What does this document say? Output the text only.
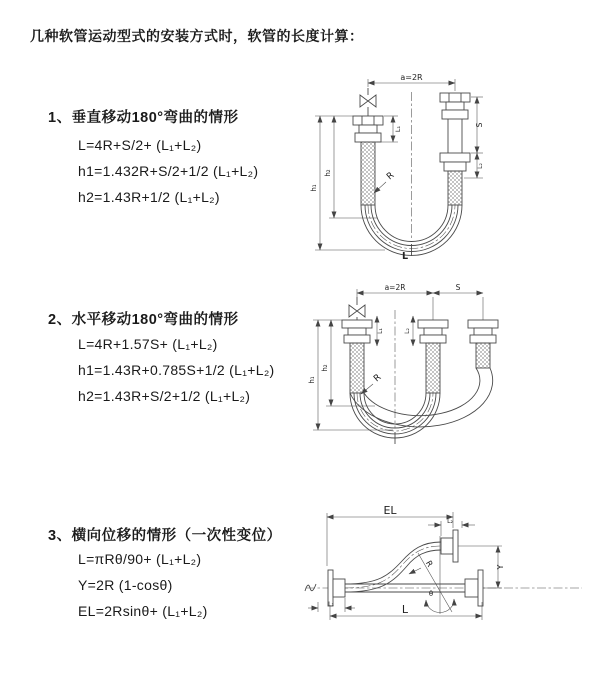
几种软管运动型式的安装方式时，软管的长度计算：
1、垂直移动180°弯曲的情形
L=4R+S/2+ (L₁+L₂)
h1=1.432R+S/2+1/2 (L₁+L₂)
h2=1.43R+1/2 (L₁+L₂)
a=2R
L₁
S
L₂
h₁
h₂	R
L
2、水平移动180°弯曲的情形
L=4R+1.57S+ (L₁+L₂)
h1=1.43R+0.785S+1/2 (L₁+L₂)
h2=1.43R+S/2+1/2 (L₁+L₂)
a=2R	S
L₁	L₂
h₁
h₂
R
3、横向位移的情形（一次性变位）
L=πRθ/90+ (L₁+L₂)
Y=2R (1-cosθ)
EL=2Rsinθ+ (L₁+L₂)
EL
L₂
Y
L
L₁
R
θ
